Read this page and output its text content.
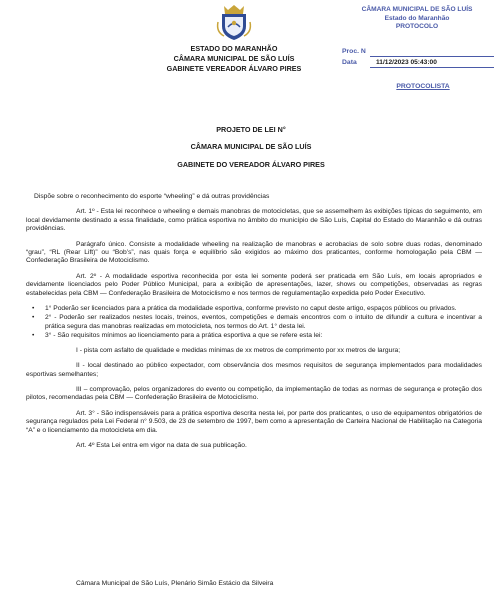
ESTADO DO MARANHÃO
CÂMARA MUNICIPAL DE SÃO LUÍS
GABINETE VEREADOR ÁLVARO PIRES
CÂMARA MUNICIPAL DE SÃO LUÍS
Estado do Maranhão
PROTOCOLO
Proc. N
Data	11/12/2023 05:43:00
PROTOCOLISTA
PROJETO DE LEI N°
CÂMARA MUNICIPAL DE SÃO LUÍS
GABINETE DO VEREADOR ÁLVARO PIRES

Dispõe sobre o reconhecimento do esporte “wheeling” e dá outras providências

Art. 1º - Esta lei reconhece o wheeling e demais manobras de motocicletas, que se assemelhem às exibições típicas do seguimento, em local devidamente destinado a essa finalidade, como prática esportiva no âmbito do município de São Luís, Capital do Estado do Maranhão e dá outras providências.

Parágrafo único. Consiste a modalidade wheeling na realização de manobras e acrobacias de solo sobre duas rodas, denominado “grau”, “RL (Rear Lift)” ou “Bob’s”, nas quais força e equilíbrio são exigidos ao máximo dos praticantes, conforme homologação pela CBM — Confederação Brasileira de Motociclismo.

Art. 2º - A modalidade esportiva reconhecida por esta lei somente poderá ser praticada em São Luís, em locais apropriados e devidamente licenciados pelo Poder Público Municipal, para a exibição de apresentações, lazer, shows ou competições, observadas as regras estabelecidas pela CBM — Confederação Brasileira de Motociclismo e nos termos de regulamentação expedida pelo Poder Executivo.

• 1° Poderão ser licenciados para a prática da modalidade esportiva, conforme previsto no caput deste artigo, espaços públicos ou privados.
• 2° - Poderão ser realizados nestes locais, treinos, eventos, competições e demais encontros com o intuito de difundir a cultura e incentivar a prática segura das manobras realizadas em motocicleta, nos termos do Art. 1° desta lei.
• 3° - São requisitos mínimos ao licenciamento para a prática esportiva a que se refere esta lei:

I - pista com asfalto de qualidade e medidas mínimas de xx metros de comprimento por xx metros de largura;

II - local destinado ao público expectador, com observância dos mesmos requisitos de segurança implementados para modalidades esportivas semelhantes;

III – comprovação, pelos organizadores do evento ou competição, da implementação de todas as normas de segurança e proteção dos pilotos, recomendadas pela CBM — Confederação Brasileira de Motociclismo.

Art. 3° - São indispensáveis para a prática esportiva descrita nesta lei, por parte dos praticantes, o uso de equipamentos obrigatórios de segurança regulados pela Lei Federal n° 9.503, de 23 de setembro de 1997, bem como a apresentação de Carteira Nacional de Habilitação na Categoria “A” e o licenciamento da motocicleta em dia.

Art. 4º Esta Lei entra em vigor na data de sua publicação.

Câmara Municipal de São Luís, Plenário Simão Estácio da Silveira
